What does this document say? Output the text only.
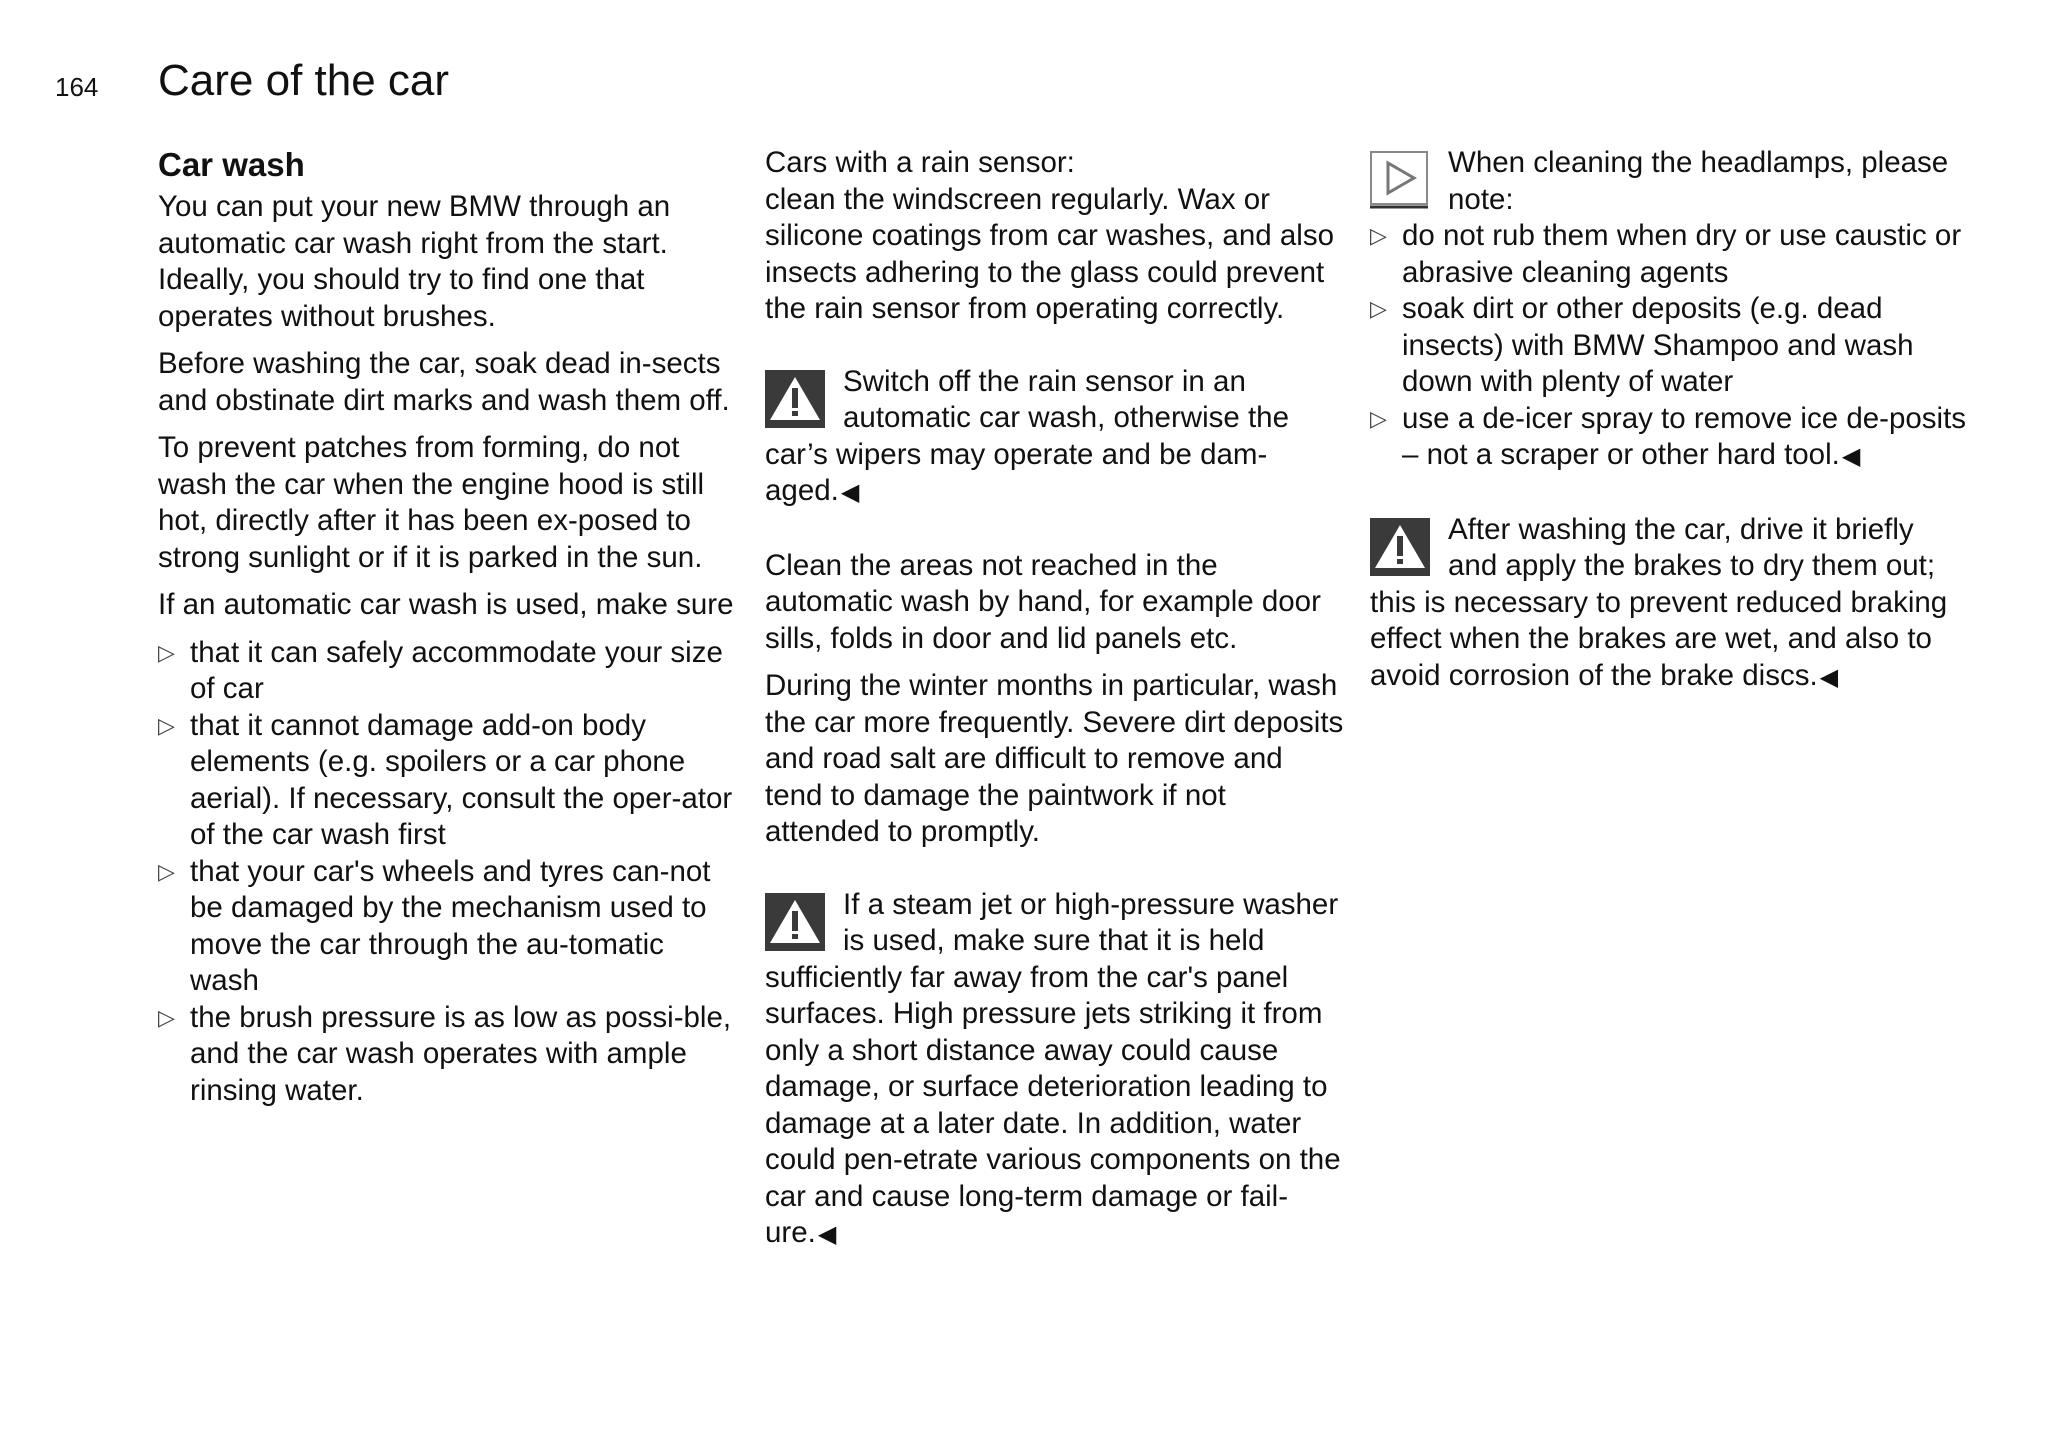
164 Care of the car
Car wash

You can put your new BMW through an automatic car wash right from the start. Ideally, you should try to find one that operates without brushes.

Before washing the car, soak dead in-sects and obstinate dirt marks and wash them off.

To prevent patches from forming, do not wash the car when the engine hood is still hot, directly after it has been ex-posed to strong sunlight or if it is parked in the sun.

If an automatic car wash is used, make sure

▷ that it can safely accommodate your size of car
▷ that it cannot damage add-on body elements (e.g. spoilers or a car phone aerial). If necessary, consult the oper-ator of the car wash first
▷ that your car's wheels and tyres can-not be damaged by the mechanism used to move the car through the au-tomatic wash
▷ the brush pressure is as low as possi-ble, and the car wash operates with ample rinsing water.

Cars with a rain sensor:
clean the windscreen regularly. Wax or silicone coatings from car washes, and also insects adhering to the glass could prevent the rain sensor from operating correctly.

Switch off the rain sensor in an automatic car wash, otherwise the car’s wipers may operate and be dam-aged.◀

Clean the areas not reached in the automatic wash by hand, for example door sills, folds in door and lid panels etc.

During the winter months in particular, wash the car more frequently. Severe dirt deposits and road salt are difficult to remove and tend to damage the paintwork if not attended to promptly.

If a steam jet or high-pressure washer is used, make sure that it is held sufficiently far away from the car's panel surfaces. High pressure jets striking it from only a short distance away could cause damage, or surface deterioration leading to damage at a later date. In addition, water could pen-etrate various components on the car and cause long-term damage or fail-ure.◀
When cleaning the headlamps, please note:
▷ do not rub them when dry or use caustic or abrasive cleaning agents
▷ soak dirt or other deposits (e.g. dead insects) with BMW Shampoo and wash down with plenty of water
▷ use a de-icer spray to remove ice de-posits – not a scraper or other hard tool.◀
After washing the car, drive it briefly and apply the brakes to dry them out; this is necessary to prevent reduced braking effect when the brakes are wet, and also to avoid corrosion of the brake discs.◀
